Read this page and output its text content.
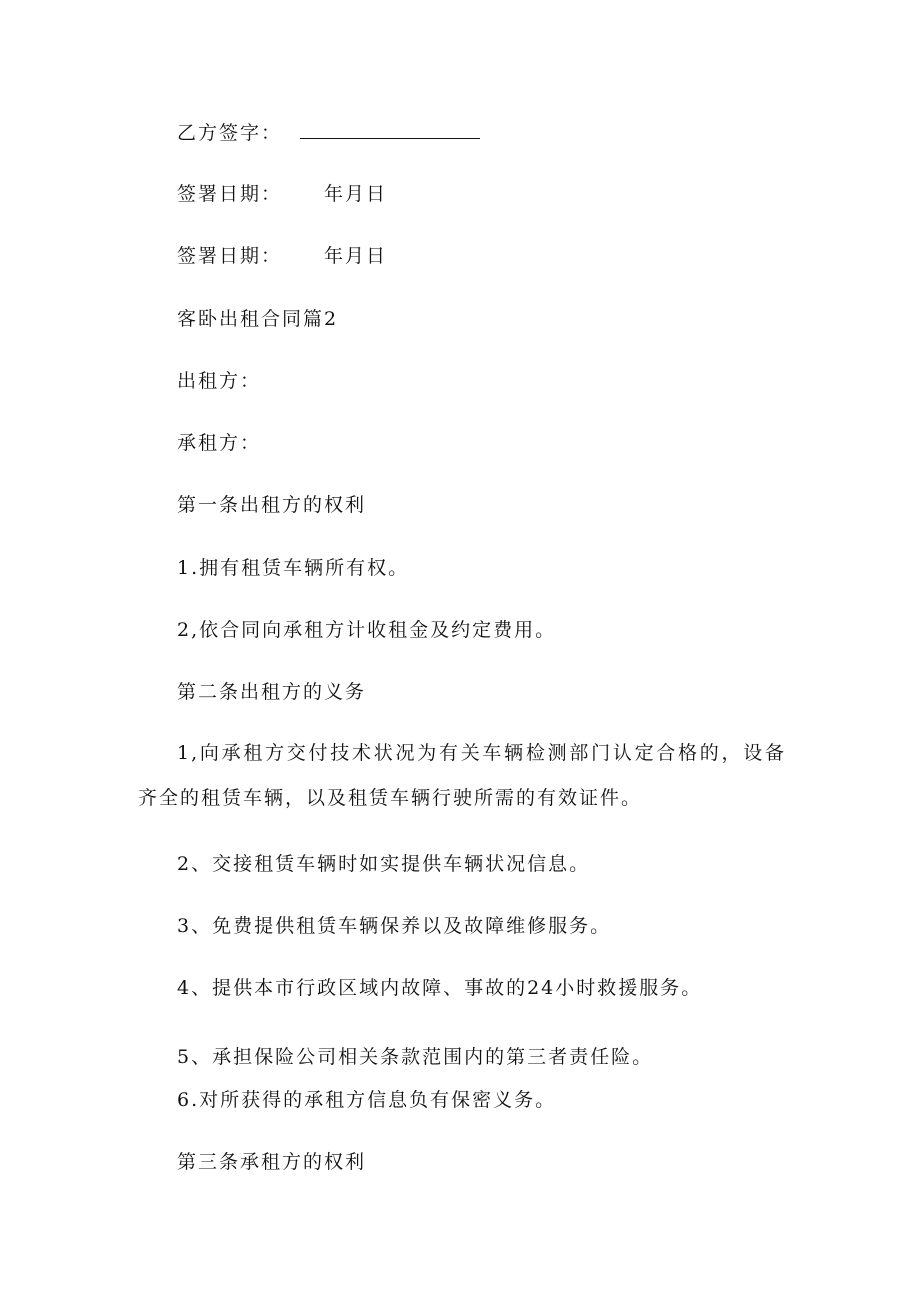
乙方签字：
签署日期： 年月日
签署日期： 年月日
客卧出租合同篇2
出租方：
承租方：
第一条出租方的权利
1.拥有租赁车辆所有权。
2,依合同向承租方计收租金及约定费用。
第二条出租方的义务
1,向承租方交付技术状况为有关车辆检测部门认定合格的，设备齐全的租赁车辆，以及租赁车辆行驶所需的有效证件。
2、交接租赁车辆时如实提供车辆状况信息。
3、免费提供租赁车辆保养以及故障维修服务。
4、提供本市行政区域内故障、事故的24小时救援服务。
5、承担保险公司相关条款范围内的第三者责任险。
6.对所获得的承租方信息负有保密义务。
第三条承租方的权利
